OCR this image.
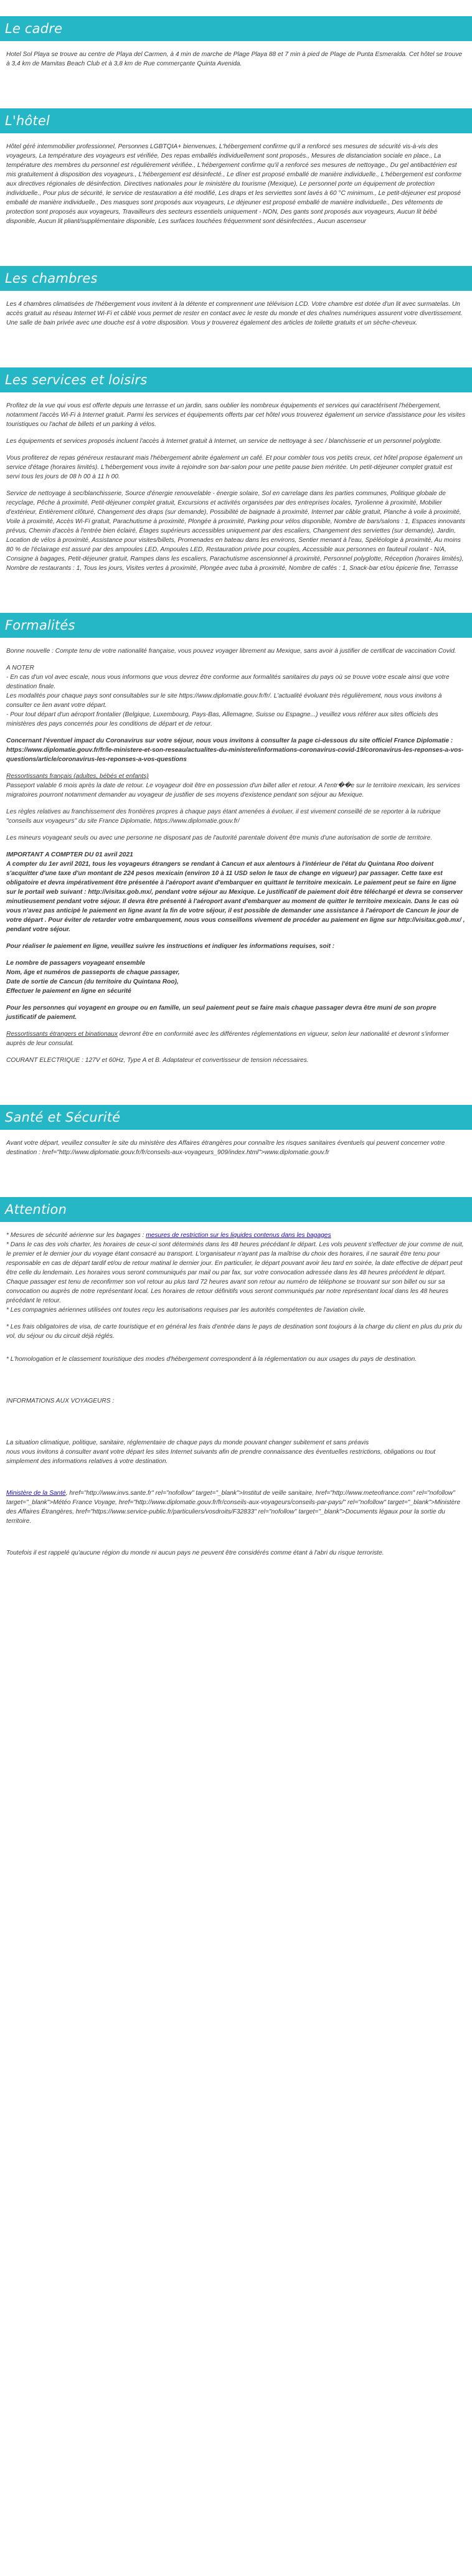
Le cadre

Hotel Sol Playa se trouve au centre de Playa del Carmen, à 4 min de marche de Plage Playa 88 et 7 min à pied de Plage de Punta Esmeralda. Cet hôtel se trouve à 3,4 km de Mamitas Beach Club et à 3,8 km de Rue commerçante Quinta Avenida.

L'hôtel

Hôtel géré intemmobilier professionnel, Personnes LGBTQIA+ bienvenues, L'hébergement confirme qu'il a renforcé ses mesures de sécurité vis-à-vis des voyageurs, La température des voyageurs est vérifiée, Des repas emballés individuellement sont proposés., Mesures de distanciation sociale en place., La température des membres du personnel est régulièrement vérifiée., L'hébergement confirme qu'il a renforcé ses mesures de nettoyage., Du gel antibactérien est mis gratuitement à disposition des voyageurs., L'hébergement est désinfecté., Le dîner est proposé emballé de manière individuelle., L'hébergement est conforme aux directives régionales de désinfection. Directives nationales pour le ministère du tourisme (Mexique), Le personnel porte un équipement de protection individuelle., Pour plus de sécurité, le service de restauration a été modifié, Les draps et les serviettes sont lavés à 60 °C minimum., Le petit-déjeuner est proposé emballé de manière individuelle., Des masques sont proposés aux voyageurs, Le déjeuner est proposé emballé de manière individuelle., Des vêtements de protection sont proposés aux voyageurs, Travailleurs des secteurs essentiels uniquement - NON, Des gants sont proposés aux voyageurs, Aucun lit bébé disponible, Aucun lit pliant/supplémentaire disponible, Les surfaces touchées fréquemment sont désinfectées., Aucun ascenseur

Les chambres

Les 4 chambres climatisées de l'hébergement vous invitent à la détente et comprennent une télévision LCD. Votre chambre est dotée d'un lit avec surmatelas. Un accès gratuit au réseau Internet Wi-Fi et câblé vous permet de rester en contact avec le reste du monde et des chaînes numériques assurent votre divertissement. Une salle de bain privée avec une douche est à votre disposition. Vous y trouverez également des articles de toilette gratuits et un sèche-cheveux.

Les services et loisirs

Profitez de la vue qui vous est offerte depuis une terrasse et un jardin, sans oublier les nombreux équipements et services qui caractérisent l'hébergement, notamment l'accès Wi-Fi à Internet gratuit. Parmi les services et équipements offerts par cet hôtel vous trouverez également un service d'assistance pour les visites touristiques ou l'achat de billets et un parking à vélos.

Les équipements et services proposés incluent l'accès à Internet gratuit à Internet, un service de nettoyage à sec / blanchisserie et un personnel polyglotte.

Vous profiterez de repas généreux restaurant mais l'hébergement abrite également un café. Et pour combler tous vos petits creux, cet hôtel propose également un service d'étage (horaires limités). L'hébergement vous invite à rejoindre son bar-salon pour une petite pause bien méritée. Un petit-déjeuner complet gratuit est servi tous les jours de 08 h 00 à 11 h 00.

Service de nettoyage à sec/blanchisserie, Source d'énergie renouvelable - énergie solaire, Sol en carrelage dans les parties communes, Politique globale de recyclage, Pêche à proximité, Petit-déjeuner complet gratuit, Excursions et activités organisées par des entreprises locales, Tyrolienne à proximité, Mobilier d'extérieur, Entièrement clôturé, Changement des draps (sur demande), Possibilité de baignade à proximité, Internet par câble gratuit, Planche à voile à proximité, Voile à proximité, Accès Wi-Fi gratuit, Parachutisme à proximité, Plongée à proximité, Parking pour vélos disponible, Nombre de bars/salons : 1, Espaces innovants prévus, Chemin d'accès à l'entrée bien éclairé, Étages supérieurs accessibles uniquement par des escaliers, Changement des serviettes (sur demande), Jardin, Location de vélos à proximité, Assistance pour visites/billets, Promenades en bateau dans les environs, Sentier menant à l'eau, Spéléologie à proximité, Au moins 80 % de l'éclairage est assuré par des ampoules LED, Ampoules LED, Restauration privée pour couples, Accessible aux personnes en fauteuil roulant - N/A, Consigne à bagages, Petit-déjeuner gratuit, Rampes dans les escaliers, Parachutisme ascensionnel à proximité, Personnel polyglotte, Réception (horaires limités), Nombre de restaurants : 1, Tous les jours, Visites vertes à proximité, Plongée avec tuba à proximité, Nombre de cafés : 1, Snack-bar et/ou épicerie fine, Terrasse

Formalités

Bonne nouvelle : Compte tenu de votre nationalité française, vous pouvez voyager librement au Mexique, sans avoir à justifier de certificat de vaccination Covid.

A NOTER
- En cas d'un vol avec escale, nous vous informons que vous devrez être conforme aux formalités sanitaires du pays où se trouve votre escale ainsi que votre destination finale.
Les modalités pour chaque pays sont consultables sur le site https://www.diplomatie.gouv.fr/fr/. L'actualité évoluant très régulièrement, nous vous invitons à consulter ce lien avant votre départ.
- Pour tout départ d'un aéroport frontalier (Belgique, Luxembourg, Pays-Bas, Allemagne, Suisse ou Espagne...) veuillez vous référer aux sites officiels des ministères des pays concernés pour les conditions de départ et de retour.

Concernant l'éventuel impact du Coronavirus sur votre séjour, nous vous invitons à consulter la page ci-dessous du site officiel France Diplomatie : https://www.diplomatie.gouv.fr/fr/le-ministere-et-son-reseau/actualites-du-ministere/informations-coronavirus-covid-19/coronavirus-les-reponses-a-vos-questions/article/coronavirus-les-reponses-a-vos-questions

Ressortissants français (adultes, bébés et enfants)
Passeport valable 6 mois après la date de retour. Le voyageur doit être en possession d'un billet aller et retour. A l'entr��e sur le territoire mexicain, les services migratoires pourront notamment demander au voyageur de justifier de ses moyens d'existence pendant son séjour au Mexique.

Les règles relatives au franchissement des frontières propres à chaque pays étant amenées à évoluer, il est vivement conseillé de se reporter à la rubrique "conseils aux voyageurs" du site France Diplomatie, https://www.diplomatie.gouv.fr/

Les mineurs voyageant seuls ou avec une personne ne disposant pas de l'autorité parentale doivent être munis d'une autorisation de sortie de territoire.

IMPORTANT A COMPTER DU 01 avril 2021
A compter du 1er avril 2021, tous les voyageurs étrangers se rendant à Cancun et aux alentours à l'intérieur de l'état du Quintana Roo doivent s'acquitter d'une taxe d'un montant de 224 pesos mexicain (environ 10 à 11 USD selon le taux de change en vigueur) par passager. Cette taxe est obligatoire et devra impérativement être présentée à l'aéroport avant d'embarquer en quittant le territoire mexicain. Le paiement peut se faire en ligne sur le portail web suivant : http://visitax.gob.mx/, pendant votre séjour au Mexique. Le justificatif de paiement doit être téléchargé et devra se conserver minutieusement pendant votre séjour. Il devra être présenté à l'aéroport avant d'embarquer au moment de quitter le territoire mexicain. Dans le cas où vous n'avez pas anticipé le paiement en ligne avant la fin de votre séjour, il est possible de demander une assistance à l'aéroport de Cancun le jour de votre départ . Pour éviter de retarder votre embarquement, nous vous conseillons vivement de procéder au paiement en ligne sur http://visitax.gob.mx/ , pendant votre séjour.

Pour réaliser le paiement en ligne, veuillez suivre les instructions et indiquer les informations requises, soit :

Le nombre de passagers voyageant ensemble

Nom, âge et numéros de passeports de chaque passager,

Date de sortie de Cancun (du territoire du Quintana Roo),

Effectuer le paiement en ligne en sécurité

Pour les personnes qui voyagent en groupe ou en famille, un seul paiement peut se faire mais chaque passager devra être muni de son propre justificatif de paiement.

Ressortissants étrangers et binationaux devront être en conformité avec les différentes réglementations en vigueur, selon leur nationalité et devront s'informer auprès de leur consulat.

COURANT ELECTRIQUE : 127V et 60Hz, Type A et B. Adaptateur et convertisseur de tension nécessaires.

Santé et Sécurité

Avant votre départ, veuillez consulter le site du ministère des Affaires étrangères pour connaître les risques sanitaires éventuels qui peuvent concerner votre destination : href="http://www.diplomatie.gouv.fr/fr/conseils-aux-voyageurs_909/index.html">www.diplomatie.gouv.fr

Attention
* Mesures de sécurité aérienne sur les bagages : mesures de restriction sur les liquides contenus dans les bagages
* Dans le cas des vols charter, les horaires de ceux-ci sont déterminés dans les 48 heures précédant le départ. Les vols peuvent s'effectuer de jour comme de nuit, le premier et le dernier jour du voyage étant consacré au transport. L'organisateur n'ayant pas la maîtrise du choix des horaires, il ne saurait être tenu pour responsable en cas de départ tardif et/ou de retour matinal le dernier jour. En particulier, le départ pouvant avoir lieu tard en soirée, la date effective de départ peut être celle du lendemain. Les horaires vous seront communiqués par mail ou par fax, sur votre convocation adressée dans les 48 heures précédent le départ. Chaque passager est tenu de reconfirmer son vol retour au plus tard 72 heures avant son retour au numéro de téléphone se trouvant sur son billet ou sur sa convocation ou auprès de notre représentant local. Les horaires de retour définitifs vous seront communiqués par notre représentant local dans les 48 heures précédant le retour.

* Les compagnies aériennes utilisées ont toutes reçu les autorisations requises par les autorités compétentes de l'aviation civile.

* Les frais obligatoires de visa, de carte touristique et en général les frais d'entrée dans le pays de destination sont toujours à la charge du client en plus du prix du vol, du séjour ou du circuit déjà réglés.

* L'homologation et le classement touristique des modes d'hébergement correspondent à la réglementation ou aux usages du pays de destination.

INFORMATIONS AUX VOYAGEURS :

La situation climatique, politique, sanitaire, réglementaire de chaque pays du monde pouvant changer subitement et sans préavis
nous vous invitons à consulter avant votre départ les sites Internet suivants afin de prendre connaissance des éventuelles restrictions, obligations ou tout simplement des informations relatives à votre destination.

Ministère de la Santé, href="http://www.invs.sante.fr" rel="nofollow" target="_blank">Institut de veille sanitaire, href="http://www.meteofrance.com" rel="nofollow" target="_blank">Météo France Voyage, href="http://www.diplomatie.gouv.fr/fr/conseils-aux-voyageurs/conseils-par-pays/" rel="nofollow" target="_blank">Ministère des Affaires Étrangères, href="https://www.service-public.fr/particuliers/vosdroits/F32833" rel="nofollow" target="_blank">Documents légaux pour la sortie du territoire.

Toutefois il est rappelé qu'aucune région du monde ni aucun pays ne peuvent être considérés comme étant à l'abri du risque terroriste.
